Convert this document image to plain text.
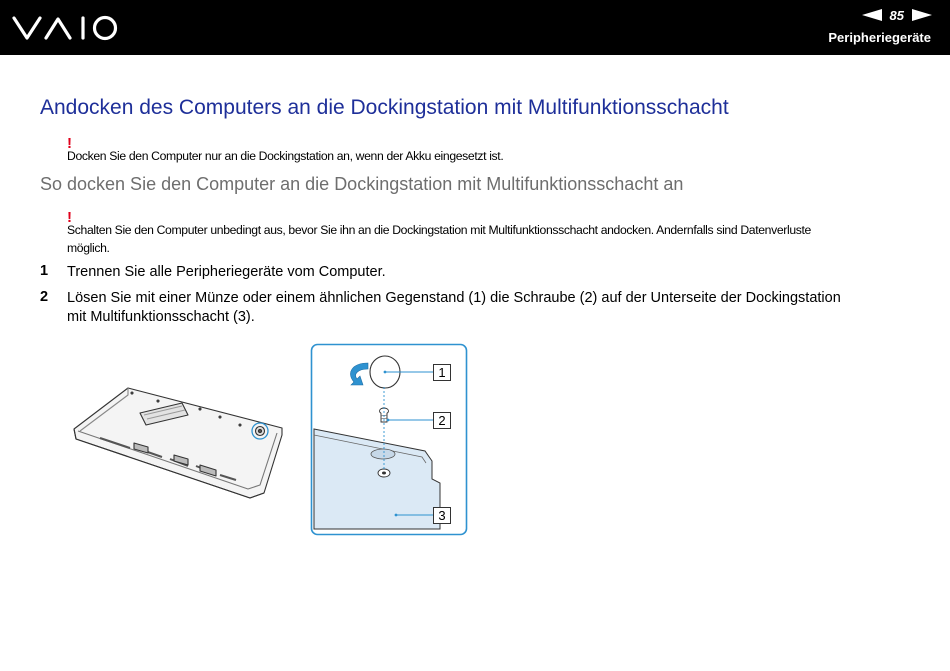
85
Peripheriegeräte
Andocken des Computers an die Dockingstation mit Multifunktionsschacht
!
Docken Sie den Computer nur an die Dockingstation an, wenn der Akku eingesetzt ist.
So docken Sie den Computer an die Dockingstation mit Multifunktionsschacht an
!
Schalten Sie den Computer unbedingt aus, bevor Sie ihn an die Dockingstation mit Multifunktionsschacht andocken. Andernfalls sind Datenverluste
möglich.
1 Trennen Sie alle Peripheriegeräte vom Computer.
2 Lösen Sie mit einer Münze oder einem ähnlichen Gegenstand (1) die Schraube (2) auf der Unterseite der Dockingstation
mit Multifunktionsschacht (3).
1
2
3
